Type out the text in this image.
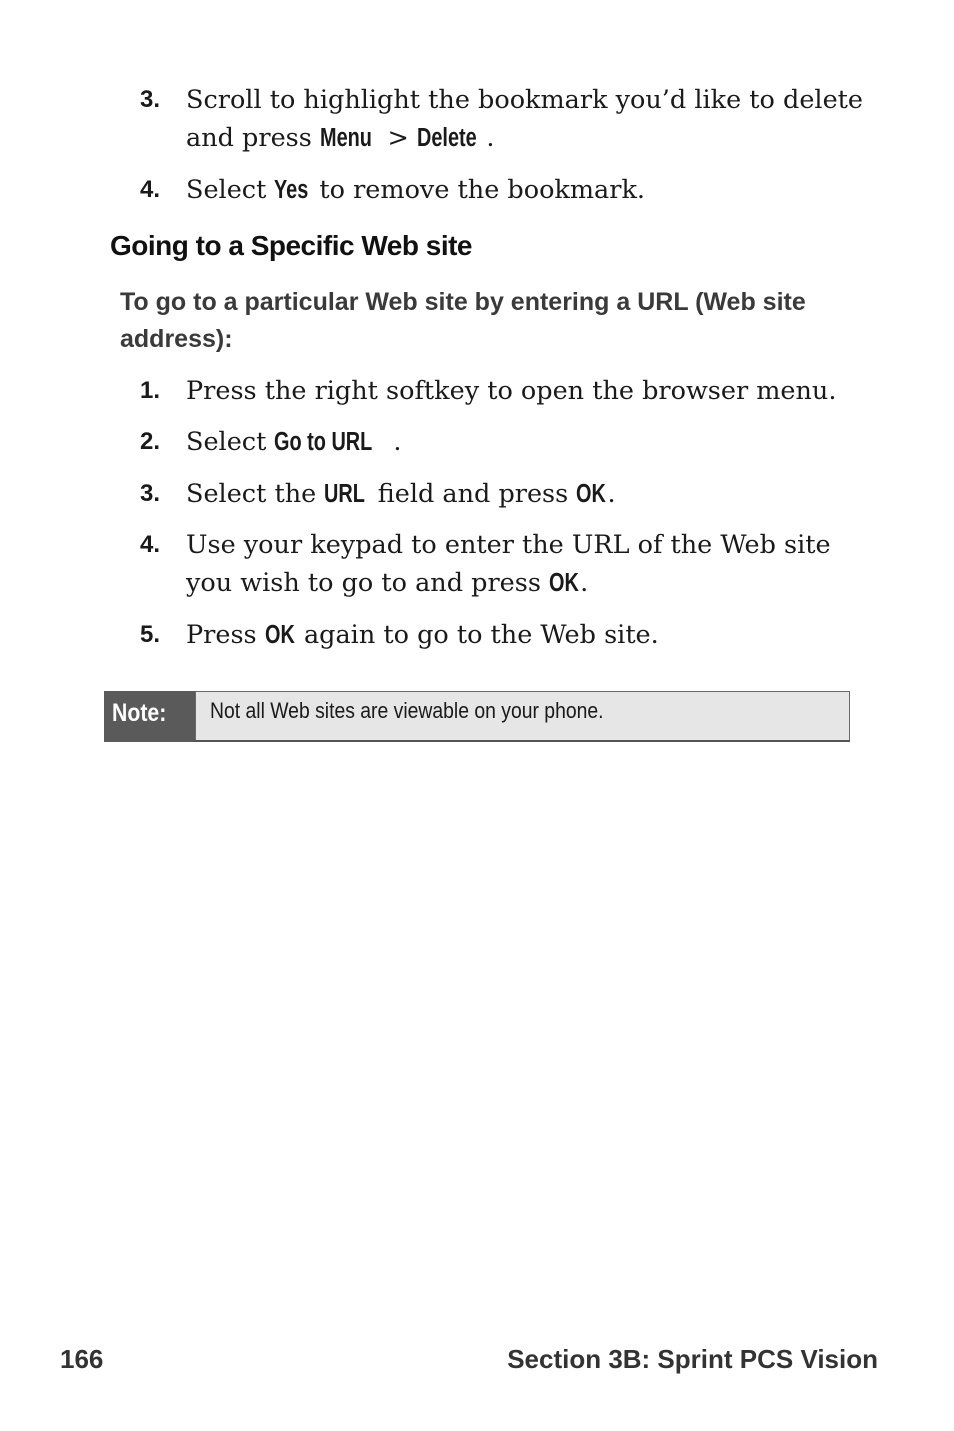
3. Scroll to highlight the bookmark you’d like to delete and press Menu > Delete .
4. Select Yes to remove the bookmark.
Going to a Specific Web site
To go to a particular Web site by entering a URL (Web site address):
1. Press the right softkey to open the browser menu.
2. Select Go to URL .
3. Select the URL field and press OK.
4. Use your keypad to enter the URL of the Web site you wish to go to and press OK.
5. Press OK again to go to the Web site.
Note:	Not all Web sites are viewable on your phone.
166	Section 3B: Sprint PCS Vision
